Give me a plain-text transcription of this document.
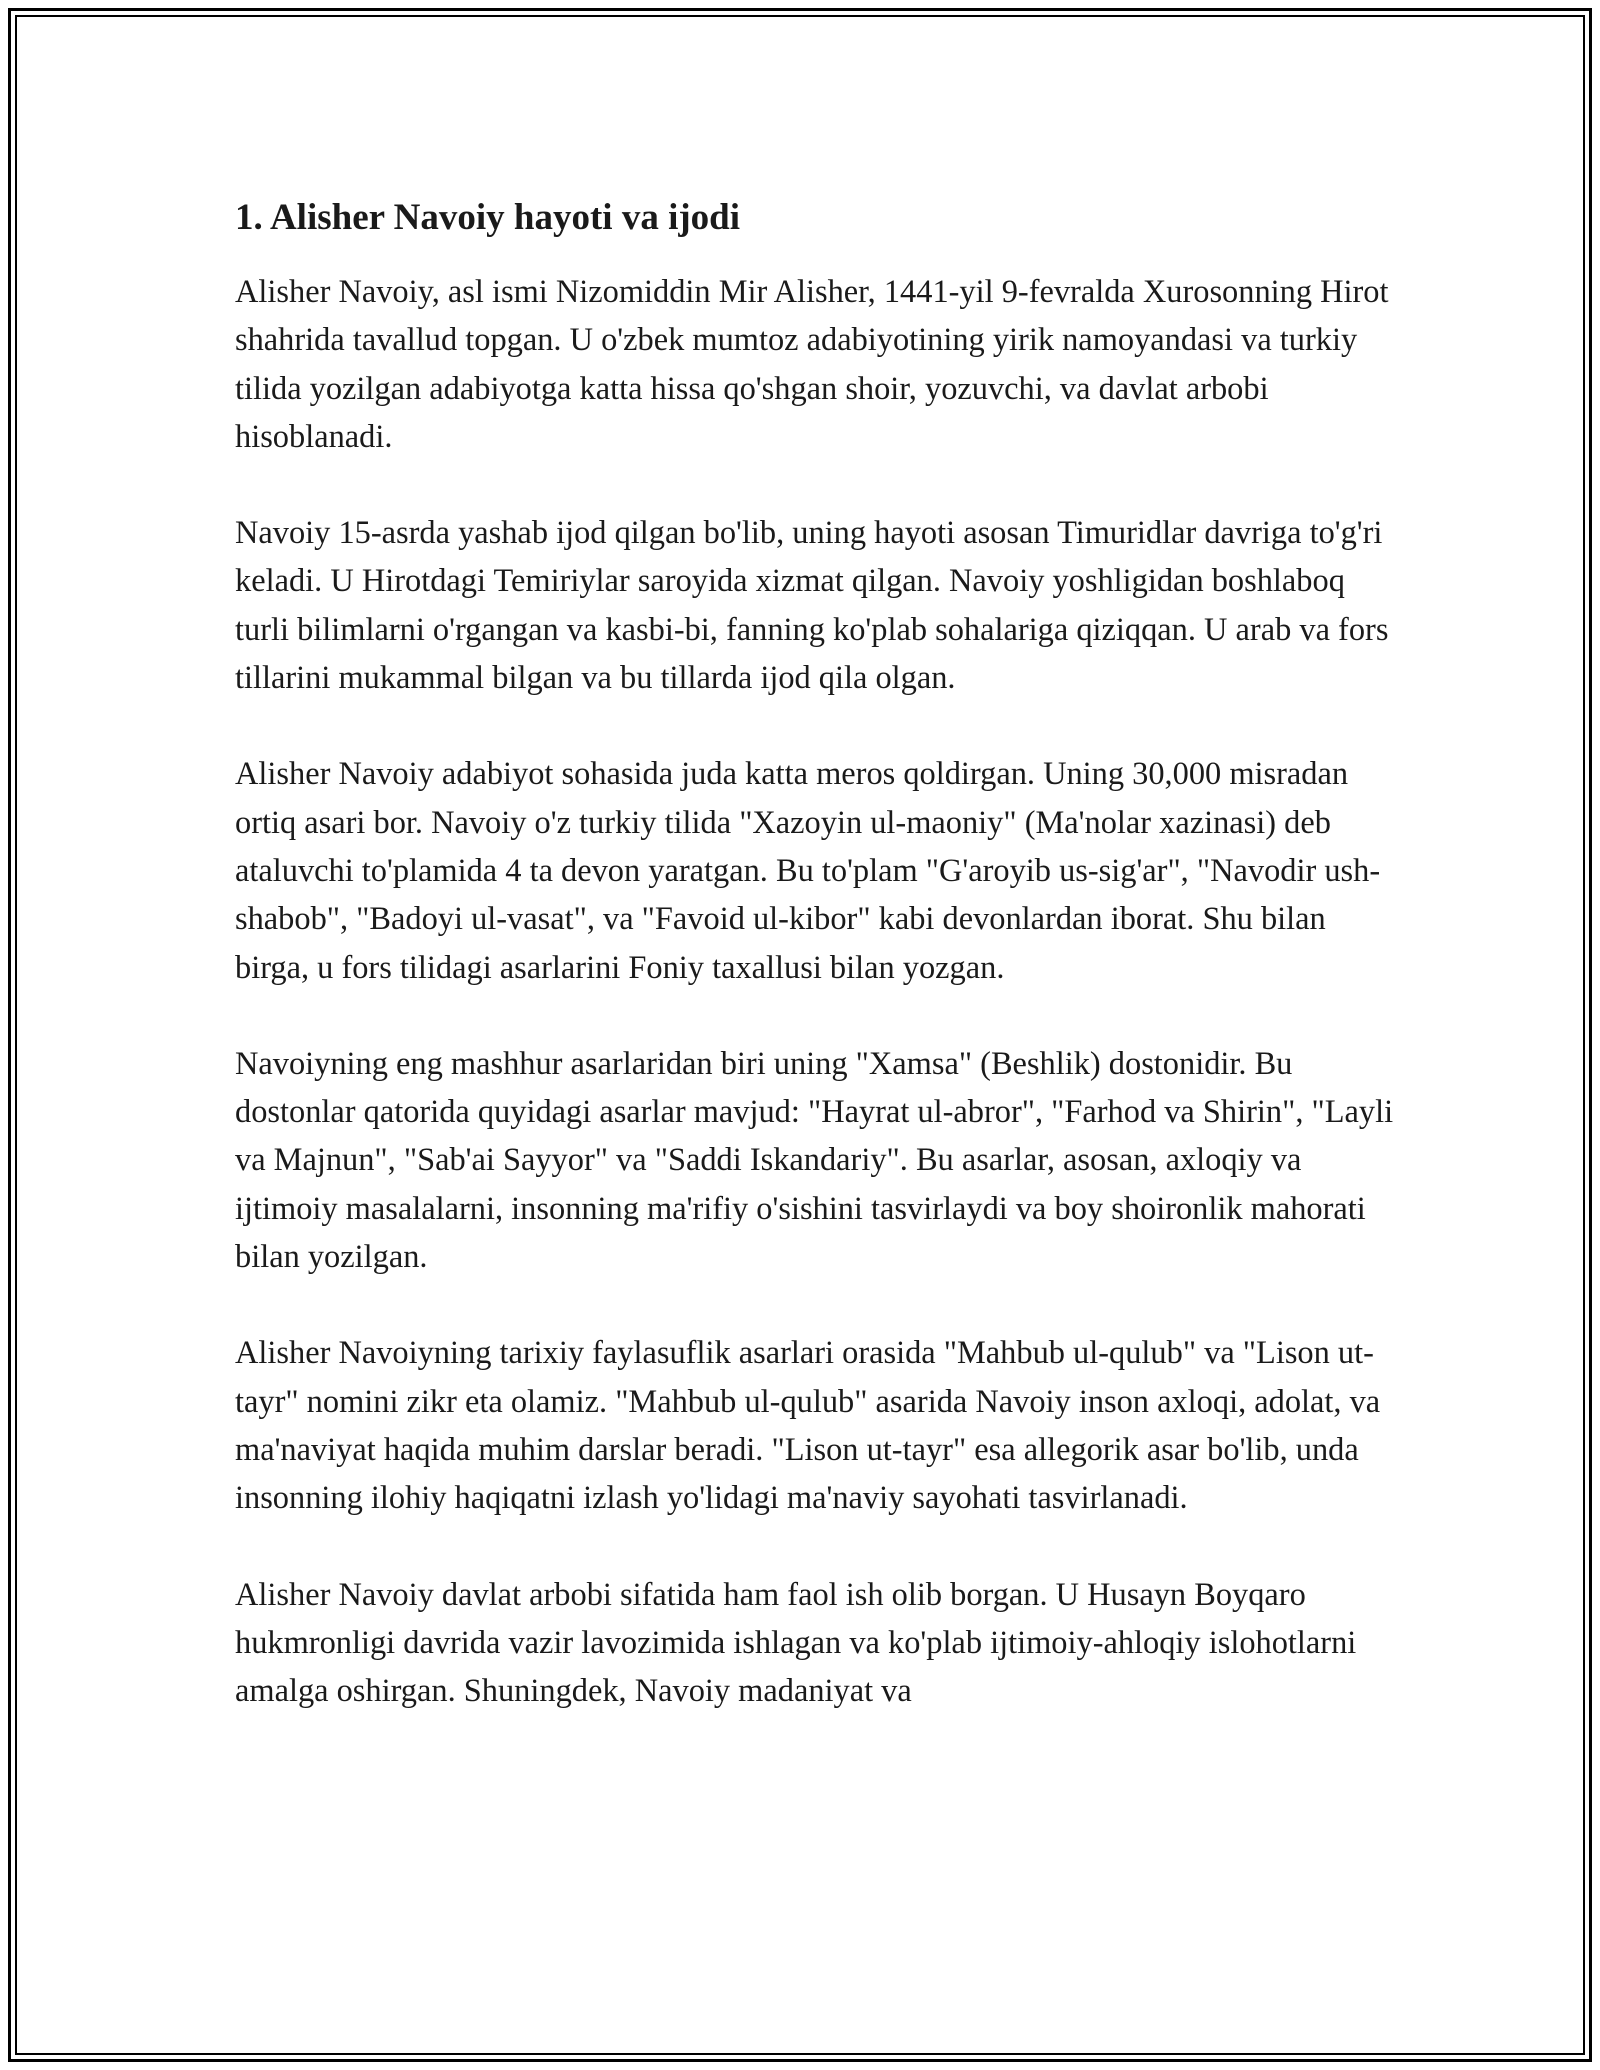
1. Alisher Navoiy hayoti va ijodi

Alisher Navoiy, asl ismi Nizomiddin Mir Alisher, 1441-yil 9-fevralda Xurosonning Hirot shahrida tavallud topgan. U o'zbek mumtoz adabiyotining yirik namoyandasi va turkiy tilida yozilgan adabiyotga katta hissa qo'shgan shoir, yozuvchi, va davlat arbobi hisoblanadi.

Navoiy 15-asrda yashab ijod qilgan bo'lib, uning hayoti asosan Timuridlar davriga to'g'ri keladi. U Hirotdagi Temiriylar saroyida xizmat qilgan. Navoiy yoshligidan boshlaboq turli bilimlarni o'rgangan va kasbi-bi, fanning ko'plab sohalariga qiziqqan. U arab va fors tillarini mukammal bilgan va bu tillarda ijod qila olgan.

Alisher Navoiy adabiyot sohasida juda katta meros qoldirgan. Uning 30,000 misradan ortiq asari bor. Navoiy o'z turkiy tilida "Xazoyin ul-maoniy" (Ma'nolar xazinasi) deb ataluvchi to'plamida 4 ta devon yaratgan. Bu to'plam "G'aroyib us-sig'ar", "Navodir ush-shabob", "Badoyi ul-vasat", va "Favoid ul-kibor" kabi devonlardan iborat. Shu bilan birga, u fors tilidagi asarlarini Foniy taxallusi bilan yozgan.

Navoiyning eng mashhur asarlaridan biri uning "Xamsa" (Beshlik) dostonidir. Bu dostonlar qatorida quyidagi asarlar mavjud: "Hayrat ul-abror", "Farhod va Shirin", "Layli va Majnun", "Sab'ai Sayyor" va "Saddi Iskandariy". Bu asarlar, asosan, axloqiy va ijtimoiy masalalarni, insonning ma'rifiy o'sishini tasvirlaydi va boy shoironlik mahorati bilan yozilgan.

Alisher Navoiyning tarixiy faylasuflik asarlari orasida "Mahbub ul-qulub" va "Lison ut-tayr" nomini zikr eta olamiz. "Mahbub ul-qulub" asarida Navoiy inson axloqi, adolat, va ma'naviyat haqida muhim darslar beradi. "Lison ut-tayr" esa allegorik asar bo'lib, unda insonning ilohiy haqiqatni izlash yo'lidagi ma'naviy sayohati tasvirlanadi.

Alisher Navoiy davlat arbobi sifatida ham faol ish olib borgan. U Husayn Boyqaro hukmronligi davrida vazir lavozimida ishlagan va ko'plab ijtimoiy-ahloqiy islohotlarni amalga oshirgan. Shuningdek, Navoiy madaniyat va
